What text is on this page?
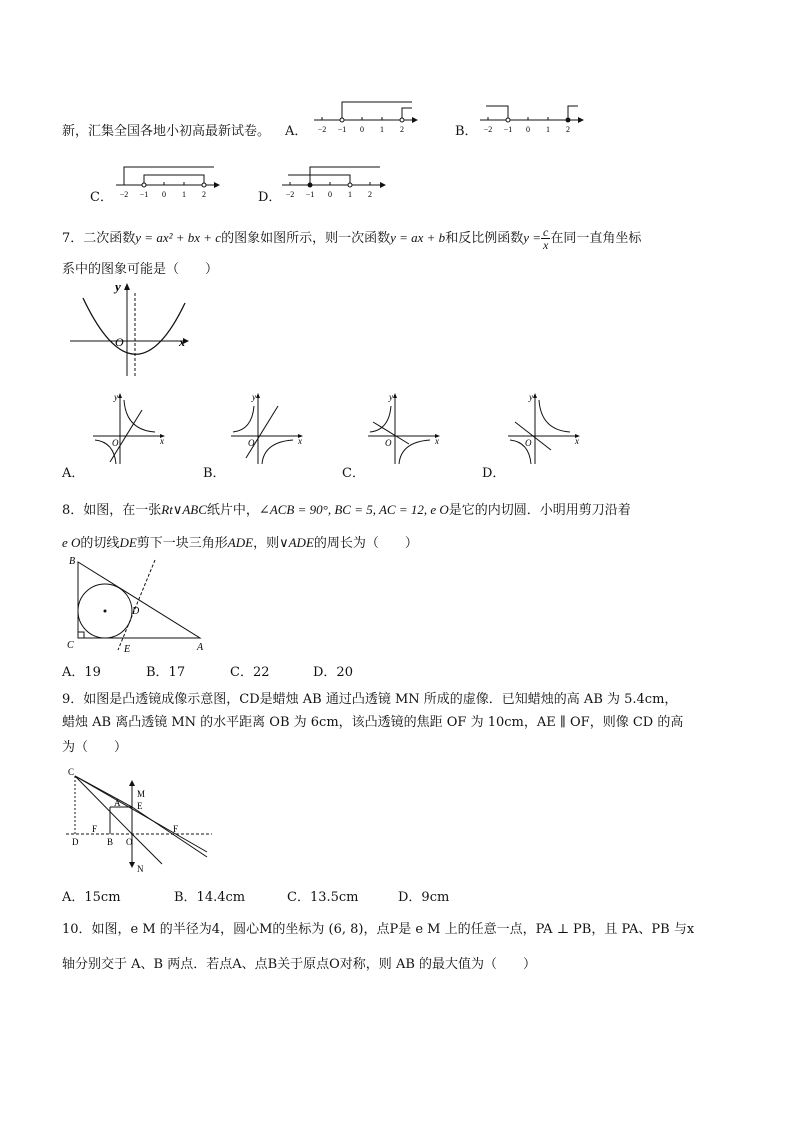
新，汇集全国各地小初高最新试卷。 A． −2 −1 0 1 2	B． −2 −1 0 1 2
C． −2 −1 0 1 2	D． −2 −1 0 1 2
7．二次函数y = ax² + bx + c的图象如图所示，则一次函数y = ax + b和反比例函数$y = \frac{c}{x}$ 在同一直角坐标
系中的图象可能是（　　）
y
O	x
y
O	x
y
O	x
y
O	x
y
O	x
A．	B．	C．	D．
8．如图，在一张Rt∨ABC纸片中，∠ACB = 90°, BC = 5, AC = 12, e O是它的内切圆．小明用剪刀沿着
e O的切线DE剪下一块三角形ADE，则∨ADE的周长为（　　）
B
D
C	E	A
A．19	B．17	C．22	D．20
9．如图是凸透镜成像示意图，CD是蜡烛 AB 通过凸透镜 MN 所成的虚像．已知蜡烛的高 AB 为 5.4cm，
蜡烛 AB 离凸透镜 MN 的水平距离 OB 为 6cm，该凸透镜的焦距 OF 为 10cm，AE ∥ OF，则像 CD 的高
为（　　）
C
A
M
E
F	F
D	B O
N
A．15cm	B．14.4cm	C．13.5cm	D．9cm
10．如图，e M 的半径为4，圆心M的坐标为 (6, 8)，点P是 e M 上的任意一点，PA ⊥ PB，且 PA、PB 与x
轴分别交于 A、B 两点．若点A、点B关于原点O对称，则 AB 的最大值为（　　）
